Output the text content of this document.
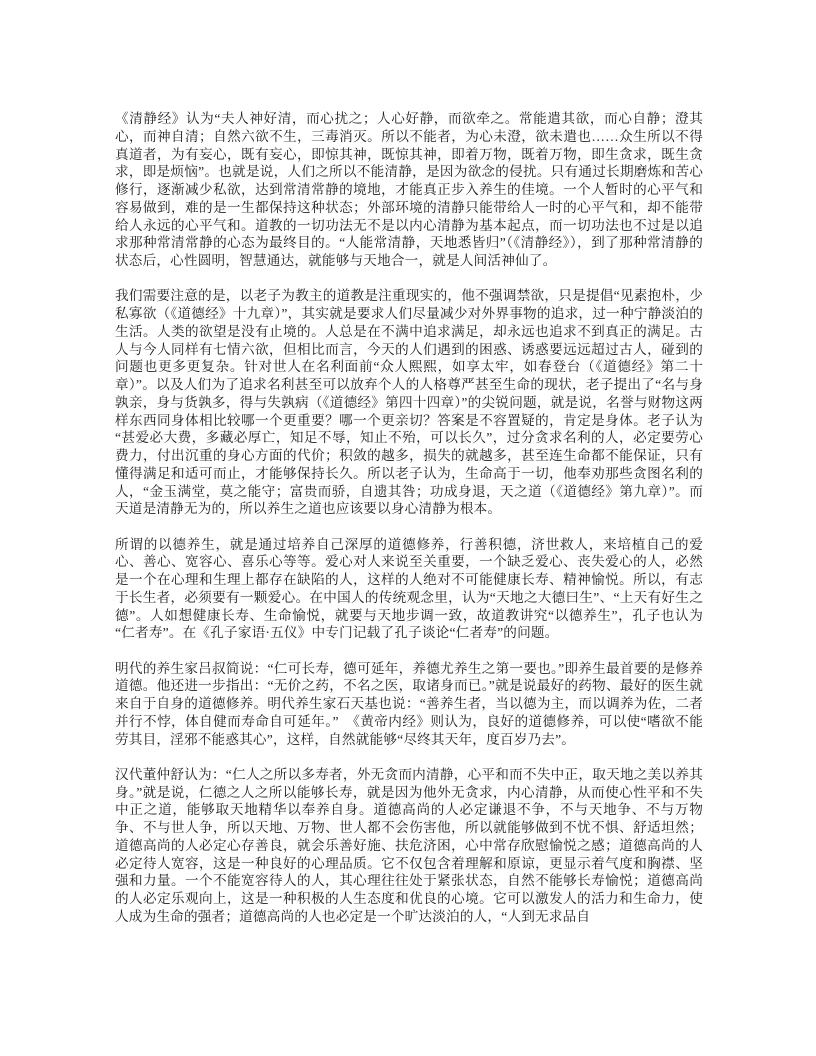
《清静经》认为“夫人神好清，而心扰之；人心好静，而欲牵之。常能遣其欲，而心自静；澄其心，而神自清；自然六欲不生，三毒消灭。所以不能者，为心未澄，欲未遣也……众生所以不得真道者，为有妄心，既有妄心，即惊其神，既惊其神，即着万物，既着万物，即生贪求，既生贪求，即是烦恼”。也就是说，人们之所以不能清静，是因为欲念的侵扰。只有通过长期磨炼和苦心修行，逐渐减少私欲，达到常清常静的境地，才能真正步入养生的佳境。一个人暂时的心平气和容易做到，难的是一生都保持这种状态；外部环境的清静只能带给人一时的心平气和，却不能带给人永远的心平气和。道教的一切功法无不是以内心清静为基本起点，而一切功法也不过是以追求那种常清常静的心态为最终目的。“人能常清静，天地悉皆归”（《清静经》），到了那种常清静的状态后，心性圆明，智慧通达，就能够与天地合一，就是人间活神仙了。

我们需要注意的是，以老子为教主的道教是注重现实的，他不强调禁欲，只是提倡“见素抱朴，少私寡欲（《道德经》十九章）”，其实就是要求人们尽量减少对外界事物的追求，过一种宁静淡泊的生活。人类的欲望是没有止境的。人总是在不满中追求满足，却永远也追求不到真正的满足。古人与今人同样有七情六欲，但相比而言，今天的人们遇到的困惑、诱惑要远远超过古人，碰到的问题也更多更复杂。针对世人在名利面前“众人熙熙，如享太牢，如春登台（《道德经》第二十章）”。以及人们为了追求名利甚至可以放弃个人的人格尊严甚至生命的现状，老子提出了“名与身孰亲，身与货孰多，得与失孰病（《道德经》第四十四章）”的尖锐问题，就是说，名誉与财物这两样东西同身体相比较哪一个更重要？哪一个更亲切？答案是不容置疑的，肯定是身体。老子认为“甚爱必大费，多藏必厚亡，知足不辱，知止不殆，可以长久”，过分贪求名利的人，必定要劳心费力，付出沉重的身心方面的代价；积敛的越多，损失的就越多，甚至连生命都不能保证，只有懂得满足和适可而止，才能够保持长久。所以老子认为，生命高于一切，他奉劝那些贪图名利的人，“金玉满堂，莫之能守；富贵而骄，自遗其咎；功成身退，天之道（《道德经》第九章）”。而天道是清静无为的，所以养生之道也应该要以身心清静为根本。

所谓的以德养生，就是通过培养自己深厚的道德修养，行善积德，济世救人，来培植自己的爱心、善心、宽容心、喜乐心等等。爱心对人来说至关重要，一个缺乏爱心、丧失爱心的人，必然是一个在心理和生理上都存在缺陷的人，这样的人绝对不可能健康长寿、精神愉悦。所以，有志于长生者，必须要有一颗爱心。在中国人的传统观念里，认为“天地之大德曰生”、“上天有好生之德”。人如想健康长寿、生命愉悦，就要与天地步调一致，故道教讲究“以德养生”，孔子也认为“仁者寿”。在《孔子家语·五仪》中专门记载了孔子谈论“仁者寿”的问题。

明代的养生家吕叔简说：“仁可长寿，德可延年，养德尤养生之第一要也。”即养生最首要的是修养道德。他还进一步指出：“无价之药，不名之医，取诸身而已。”就是说最好的药物、最好的医生就来自于自身的道德修养。明代养生家石天基也说：“善养生者，当以德为主，而以调养为佐，二者并行不悖，体自健而寿命自可延年。”　《黄帝内经》则认为，良好的道德修养，可以使“嗜欲不能劳其目，淫邪不能惑其心”，这样，自然就能够“尽终其天年，度百岁乃去”。

汉代董仲舒认为：“仁人之所以多寿者，外无贪而内清静，心平和而不失中正，取天地之美以养其身。”就是说，仁德之人之所以能够长寿，就是因为他外无贪求，内心清静，从而使心性平和不失中正之道，能够取天地精华以奉养自身。道德高尚的人必定谦退不争，不与天地争、不与万物争、不与世人争，所以天地、万物、世人都不会伤害他，所以就能够做到不忧不惧、舒适坦然；道德高尚的人必定心存善良，就会乐善好施、扶危济困，心中常存欣慰愉悦之感；道德高尚的人必定待人宽容，这是一种良好的心理品质。它不仅包含着理解和原谅，更显示着气度和胸襟、坚强和力量。一个不能宽容待人的人，其心理往往处于紧张状态，自然不能够长寿愉悦；道德高尚的人必定乐观向上，这是一种积极的人生态度和优良的心境。它可以激发人的活力和生命力，使人成为生命的强者；道德高尚的人也必定是一个旷达淡泊的人，“人到无求品自
